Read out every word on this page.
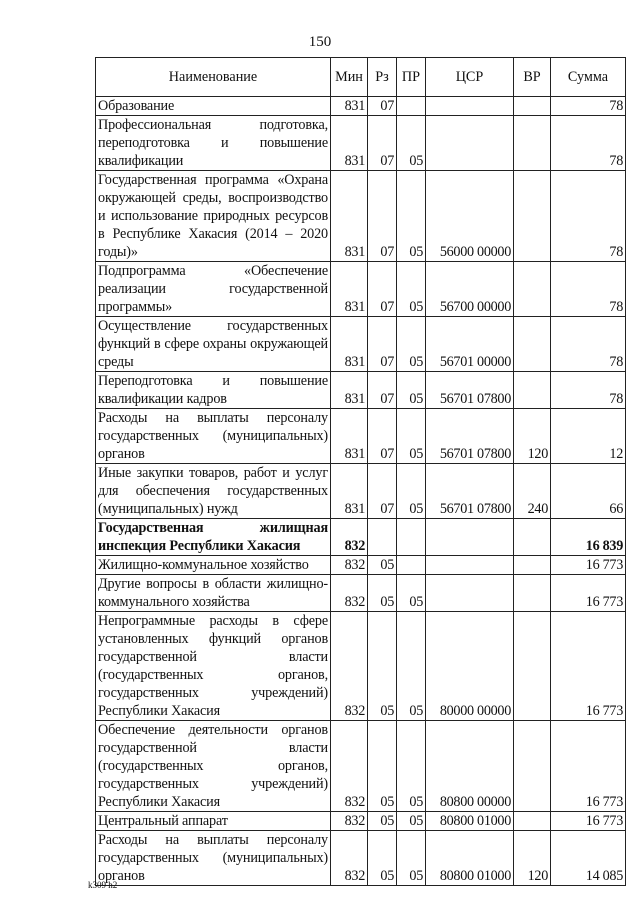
150
Наименование	Мин	Рз	ПР	ЦСР	ВР	Сумма
Образование	831	07				78
Профессиональная подготовка, переподготовка и повышение квалификации	831	07	05			78
Государственная программа «Охрана окружающей среды, воспроизводство и использование природных ресурсов в Республике Хакасия (2014 – 2020 годы)»	831	07	05	56000 00000		78
Подпрограмма «Обеспечение реализации государственной программы»	831	07	05	56700 00000		78
Осуществление государственных функций в сфере охраны окружающей среды	831	07	05	56701 00000		78
Переподготовка и повышение квалификации кадров	831	07	05	56701 07800		78
Расходы на выплаты персоналу государственных (муниципальных) органов	831	07	05	56701 07800	120	12
Иные закупки товаров, работ и услуг для обеспечения государственных (муниципальных) нужд	831	07	05	56701 07800	240	66
Государственная жилищная инспекция Республики Хакасия	832					16 839
Жилищно-коммунальное хозяйство	832	05				16 773
Другие вопросы в области жилищно-коммунального хозяйства	832	05	05			16 773
Непрограммные расходы в сфере установленных функций органов государственной власти (государственных органов, государственных учреждений) Республики Хакасия	832	05	05	80000 00000		16 773
Обеспечение деятельности органов государственной власти (государственных органов, государственных учреждений) Республики Хакасия	832	05	05	80800 00000		16 773
Центральный аппарат	832	05	05	80800 01000		16 773
Расходы на выплаты персоналу государственных (муниципальных) органов	832	05	05	80800 01000	120	14 085
k309 h2
